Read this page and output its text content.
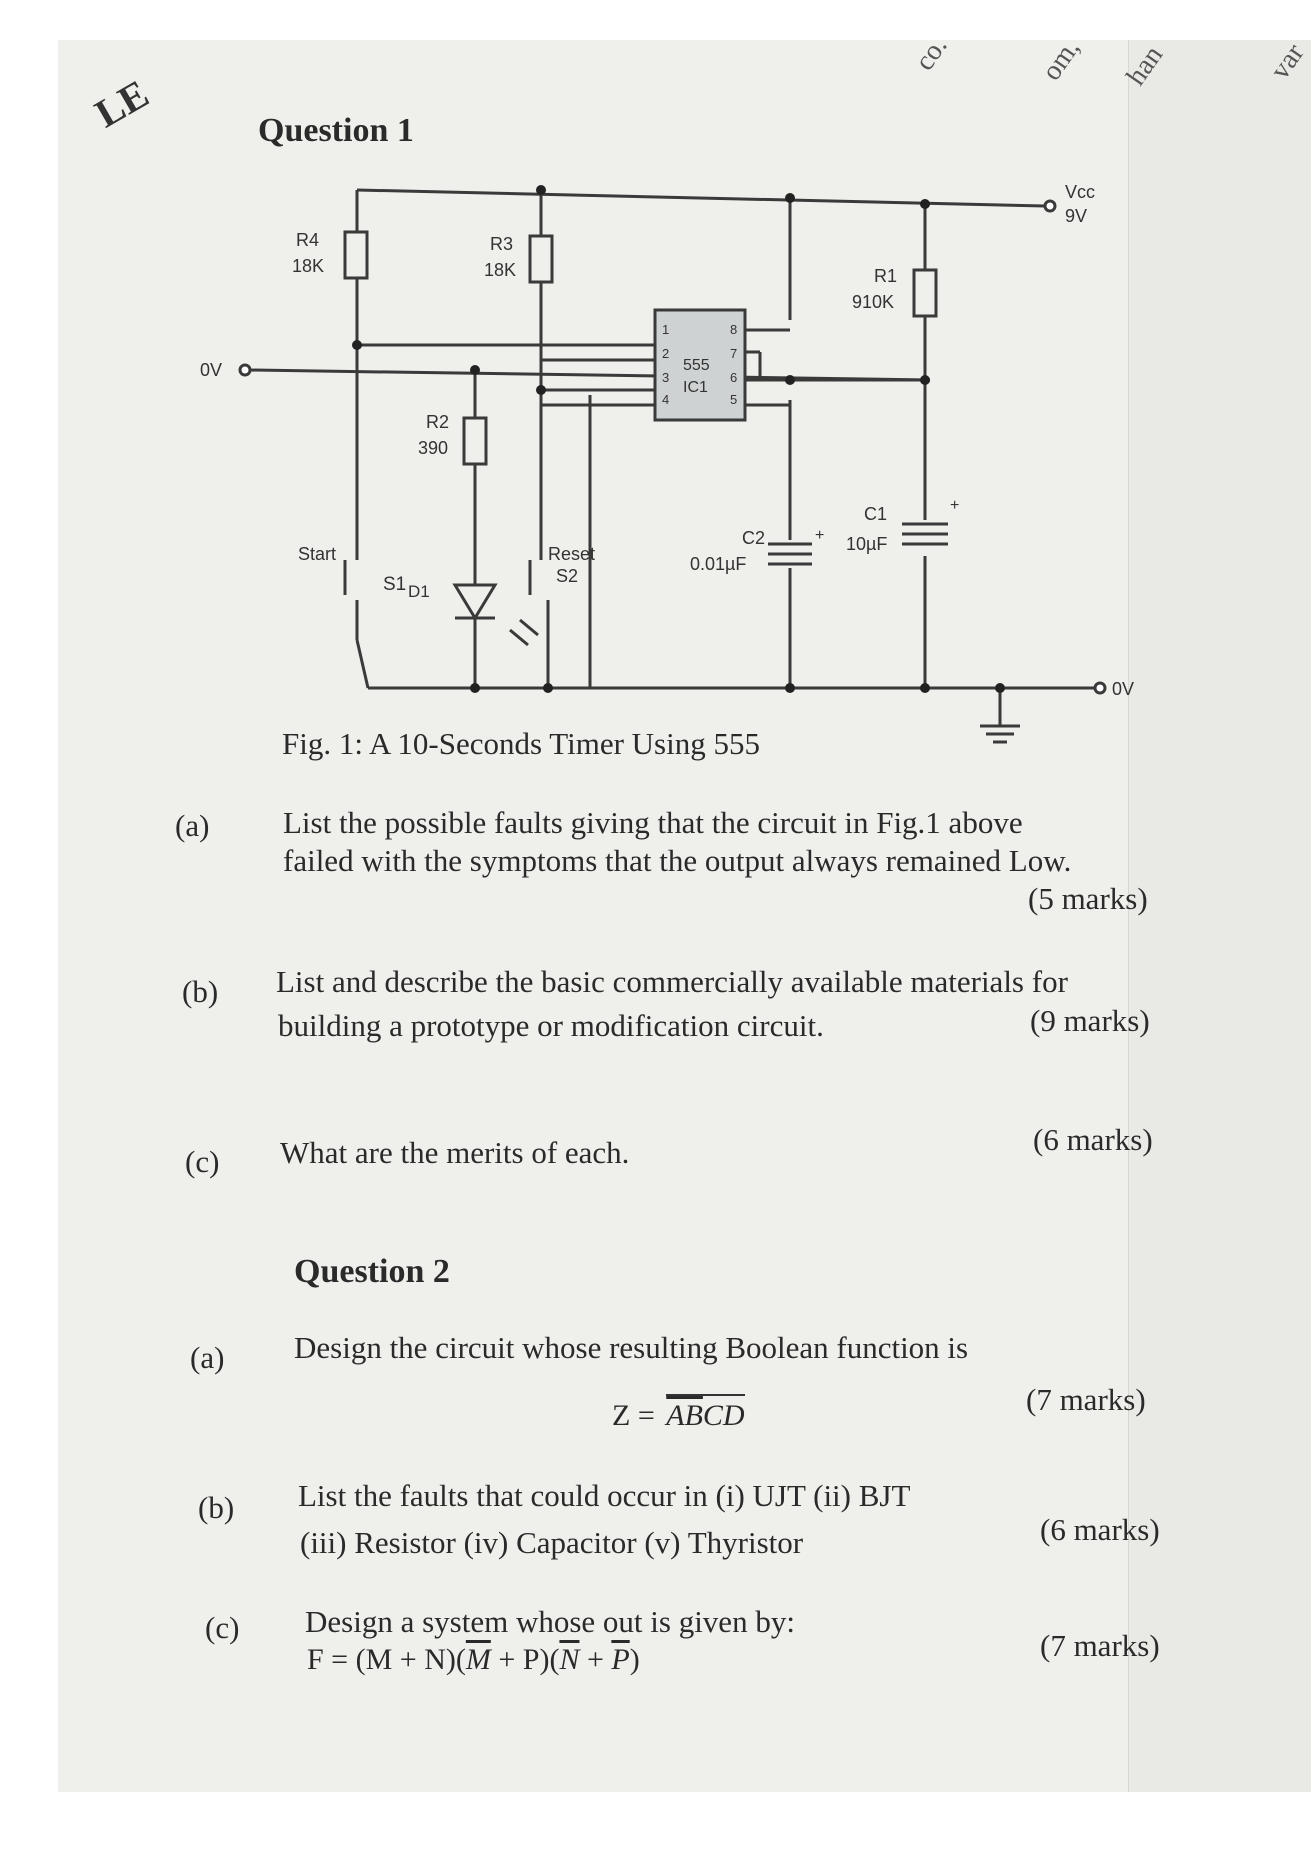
co.	om, han	var
LE	Question 1
Vcc
9V
0V
0V
R4
18K
R3
18K	R1
910K
R2
390
555
IC1
1
2
3
4
8
7
6
5
C2
0.01µF
+
C1
10µF
+
Start
S1 D1
Reset
S2
Fig. 1: A 10-Seconds Timer Using 555
(a) List the possible faults giving that the circuit in Fig.1 above
failed with the symptoms that the output always remained Low.
(5 marks)
(b) List and describe the basic commercially available materials for
building a prototype or modification circuit.	(9 marks)
(c) What are the merits of each.	(6 marks)
Question 2
(a) Design the circuit whose resulting Boolean function is
$Z = \overline{AB}CD$	(7 marks)
(b) List the faults that could occur in (i) UJT (ii) BJT
(iii) Resistor (iv) Capacitor (v) Thyristor	(6 marks)
(c) Design a system whose out is given by:
$F = (M + N)(\overline{M} + P)(\overline{N} + \overline{P})$	(7 marks)
